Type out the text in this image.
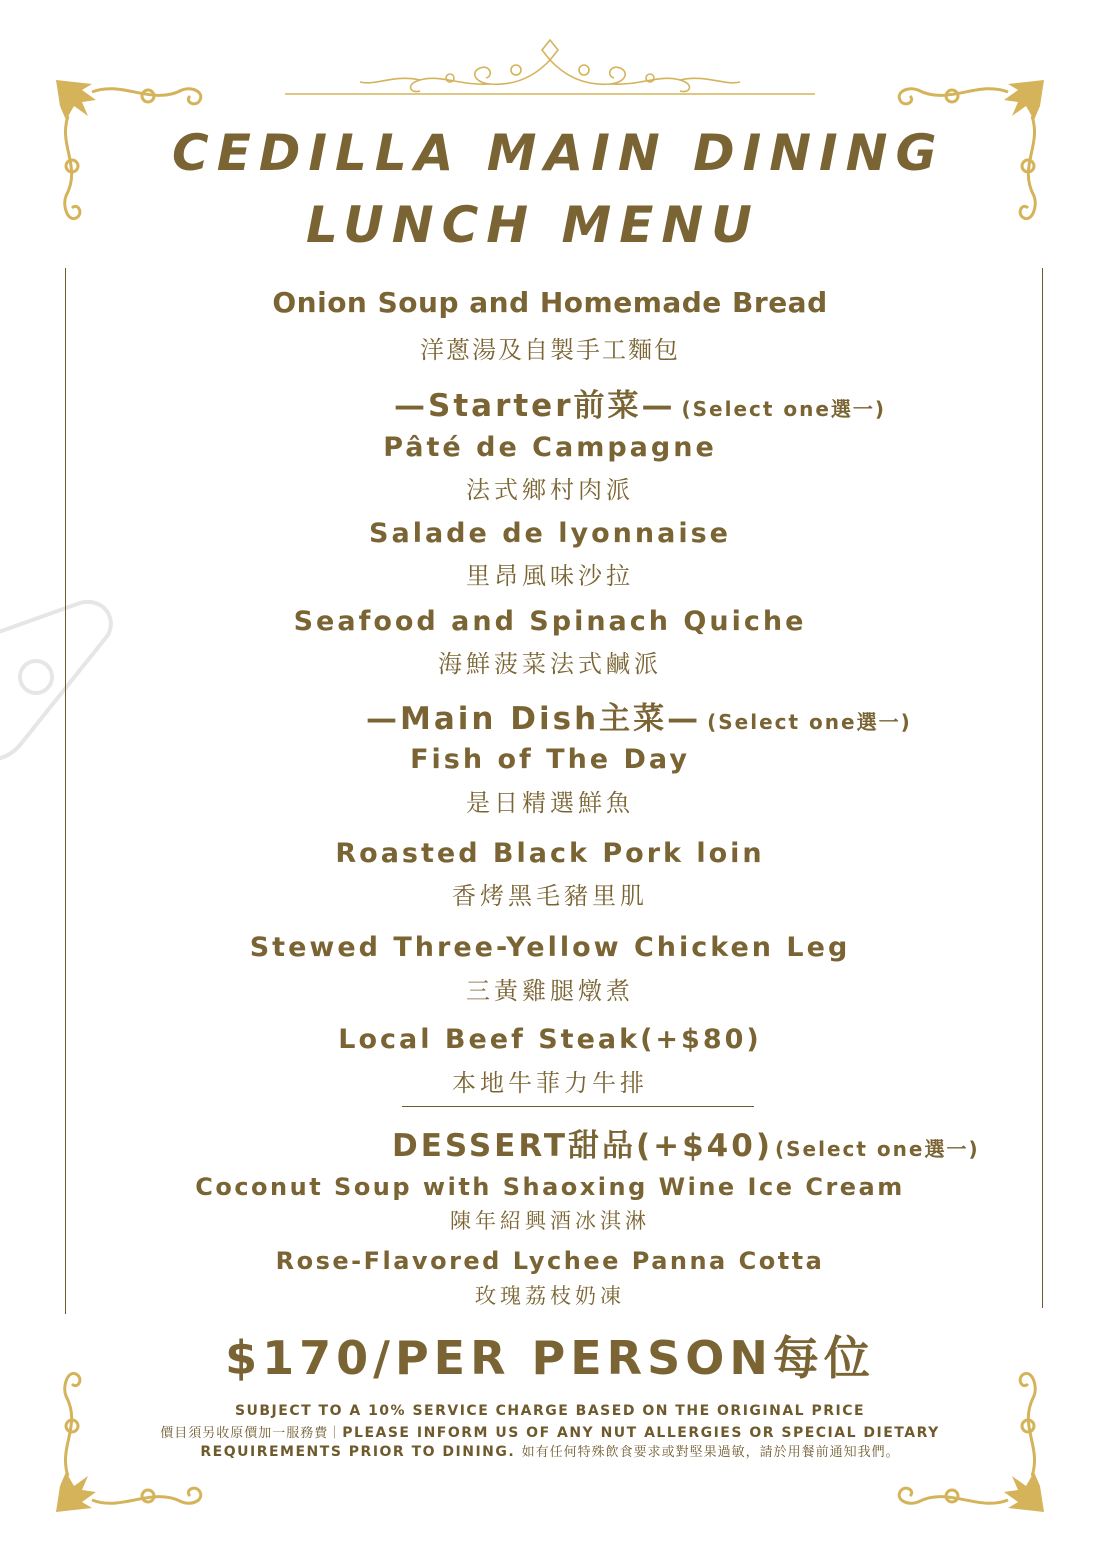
CEDILLA MAIN DINING
LUNCH MENU
Onion Soup and Homemade Bread
洋蔥湯及自製手工麵包
—Starter前菜— (Select one選一)
Pâté de Campagne
法式鄉村肉派
Salade de lyonnaise
里昂風味沙拉
Seafood and Spinach Quiche
海鮮菠菜法式鹹派
—Main Dish主菜— (Select one選一)
Fish of The Day
是日精選鮮魚
Roasted Black Pork loin
香烤黑毛豬里肌
Stewed Three-Yellow Chicken Leg
三黃雞腿燉煮
Local Beef Steak(+$80)
本地牛菲力牛排
DESSERT甜品(+$40) (Select one選一)
Coconut Soup with Shaoxing Wine Ice Cream
陳年紹興酒冰淇淋
Rose-Flavored Lychee Panna Cotta
玫瑰荔枝奶凍
$170/PER PERSON每位
SUBJECT TO A 10% SERVICE CHARGE BASED ON THE ORIGINAL PRICE
價目須另收原價加一服務費｜PLEASE INFORM US OF ANY NUT ALLERGIES OR SPECIAL DIETARY
REQUIREMENTS PRIOR TO DINING. 如有任何特殊飲食要求或對堅果過敏，請於用餐前通知我們。
